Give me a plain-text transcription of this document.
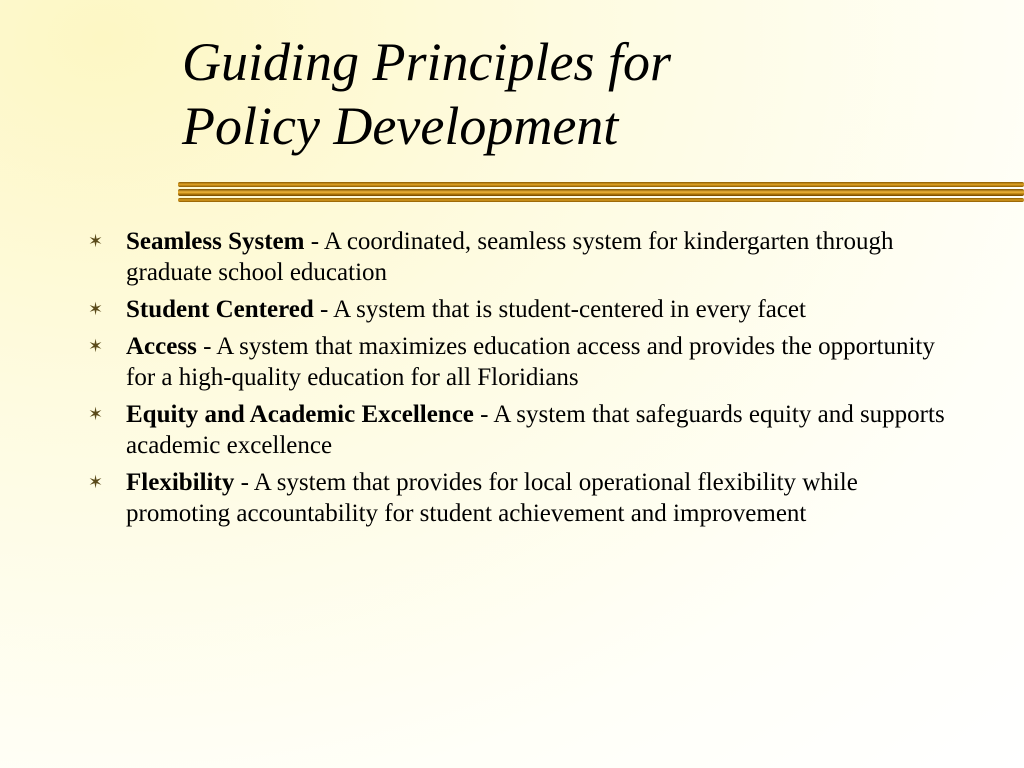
Guiding Principles for
Policy Development
✶ Seamless System - A coordinated, seamless system for kindergarten through graduate school education
✶ Student Centered - A system that is student-centered in every facet
✶ Access - A system that maximizes education access and provides the opportunity for a high-quality education for all Floridians
✶ Equity and Academic Excellence - A system that safeguards equity and supports academic excellence
✶ Flexibility - A system that provides for local operational flexibility while promoting accountability for student achievement and improvement
